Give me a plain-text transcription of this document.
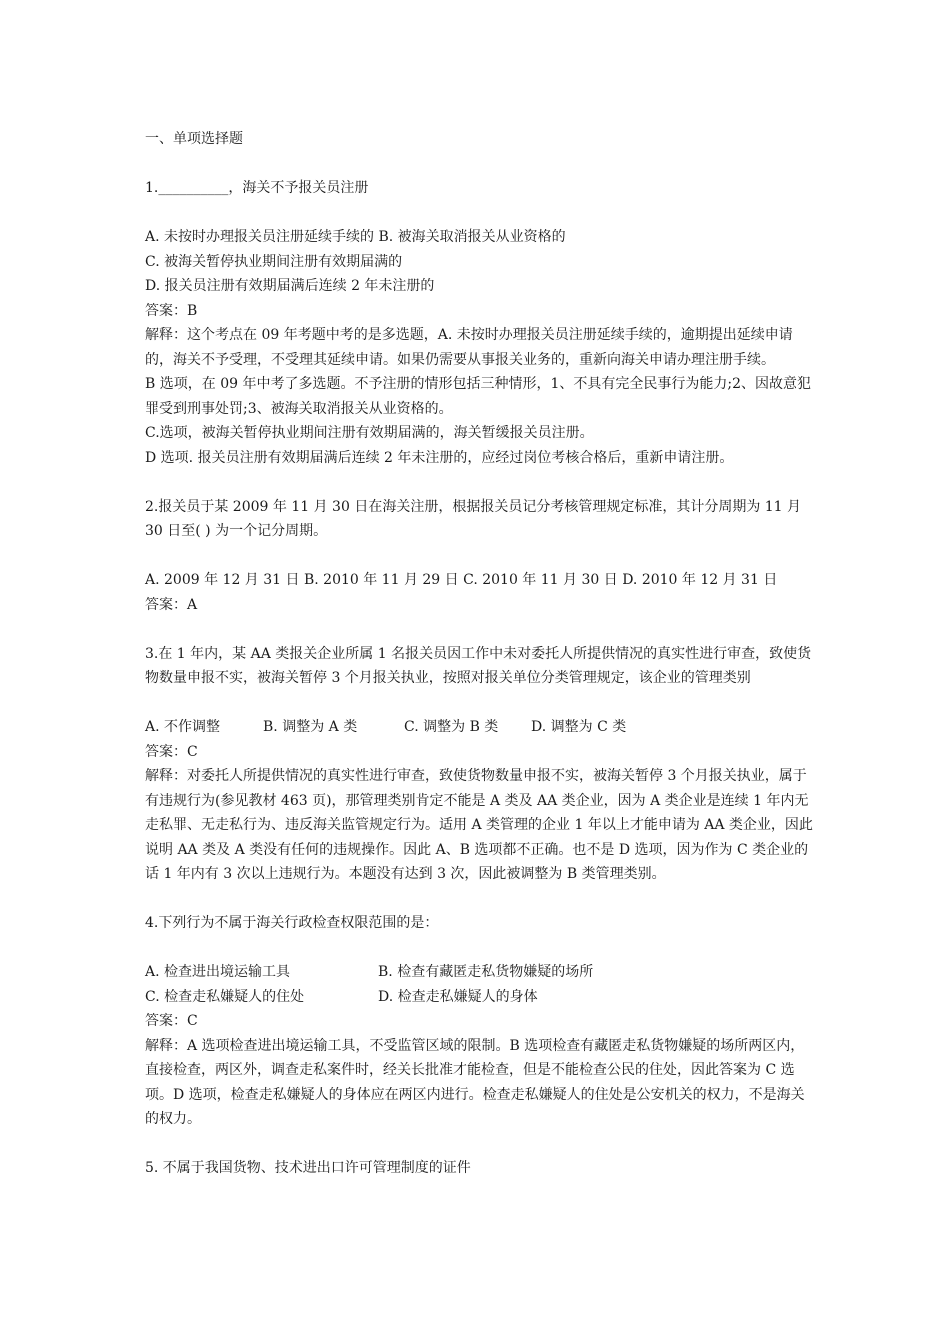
一、单项选择题
1.__________，海关不予报关员注册
A. 未按时办理报关员注册延续手续的 B. 被海关取消报关从业资格的
C. 被海关暂停执业期间注册有效期届满的
D. 报关员注册有效期届满后连续 2 年未注册的
答案：B
解释：这个考点在 09 年考题中考的是多选题，A. 未按时办理报关员注册延续手续的，逾期提出延续申请的，海关不予受理，不受理其延续申请。如果仍需要从事报关业务的，重新向海关申请办理注册手续。
B 选项，在 09 年中考了多选题。不予注册的情形包括三种情形，1、不具有完全民事行为能力;2、因故意犯罪受到刑事处罚;3、被海关取消报关从业资格的。
C.选项，被海关暂停执业期间注册有效期届满的，海关暂缓报关员注册。
D 选项. 报关员注册有效期届满后连续 2 年未注册的，应经过岗位考核合格后，重新申请注册。
2.报关员于某 2009 年 11 月 30 日在海关注册，根据报关员记分考核管理规定标准，其计分周期为 11 月 30 日至( ) 为一个记分周期。
A. 2009 年 12 月 31 日 B. 2010 年 11 月 29 日 C. 2010 年 11 月 30 日 D. 2010 年 12 月 31 日
答案：A
3.在 1 年内，某 AA 类报关企业所属 1 名报关员因工作中未对委托人所提供情况的真实性进行审查，致使货物数量申报不实，被海关暂停 3 个月报关执业，按照对报关单位分类管理规定，该企业的管理类别
A. 不作调整	B. 调整为 A 类	C. 调整为 B 类	D. 调整为 C 类
答案：C
解释：对委托人所提供情况的真实性进行审查，致使货物数量申报不实，被海关暂停 3 个月报关执业，属于有违规行为(参见教材 463 页)，那管理类别肯定不能是 A 类及 AA 类企业，因为 A 类企业是连续 1 年内无走私罪、无走私行为、违反海关监管规定行为。适用 A 类管理的企业 1 年以上才能申请为 AA 类企业，因此说明 AA 类及 A 类没有任何的违规操作。因此 A、B 选项都不正确。也不是 D 选项，因为作为 C 类企业的话 1 年内有 3 次以上违规行为。本题没有达到 3 次，因此被调整为 B 类管理类别。
4.下列行为不属于海关行政检查权限范围的是：
A. 检查进出境运输工具	B. 检查有藏匿走私货物嫌疑的场所
C. 检查走私嫌疑人的住处	D. 检查走私嫌疑人的身体
答案：C
解释：A 选项检查进出境运输工具，不受监管区域的限制。B 选项检查有藏匿走私货物嫌疑的场所两区内，直接检查，两区外，调查走私案件时，经关长批准才能检查，但是不能检查公民的住处，因此答案为 C 选项。D 选项，检查走私嫌疑人的身体应在两区内进行。检查走私嫌疑人的住处是公安机关的权力，不是海关的权力。
5. 不属于我国货物、技术进出口许可管理制度的证件
